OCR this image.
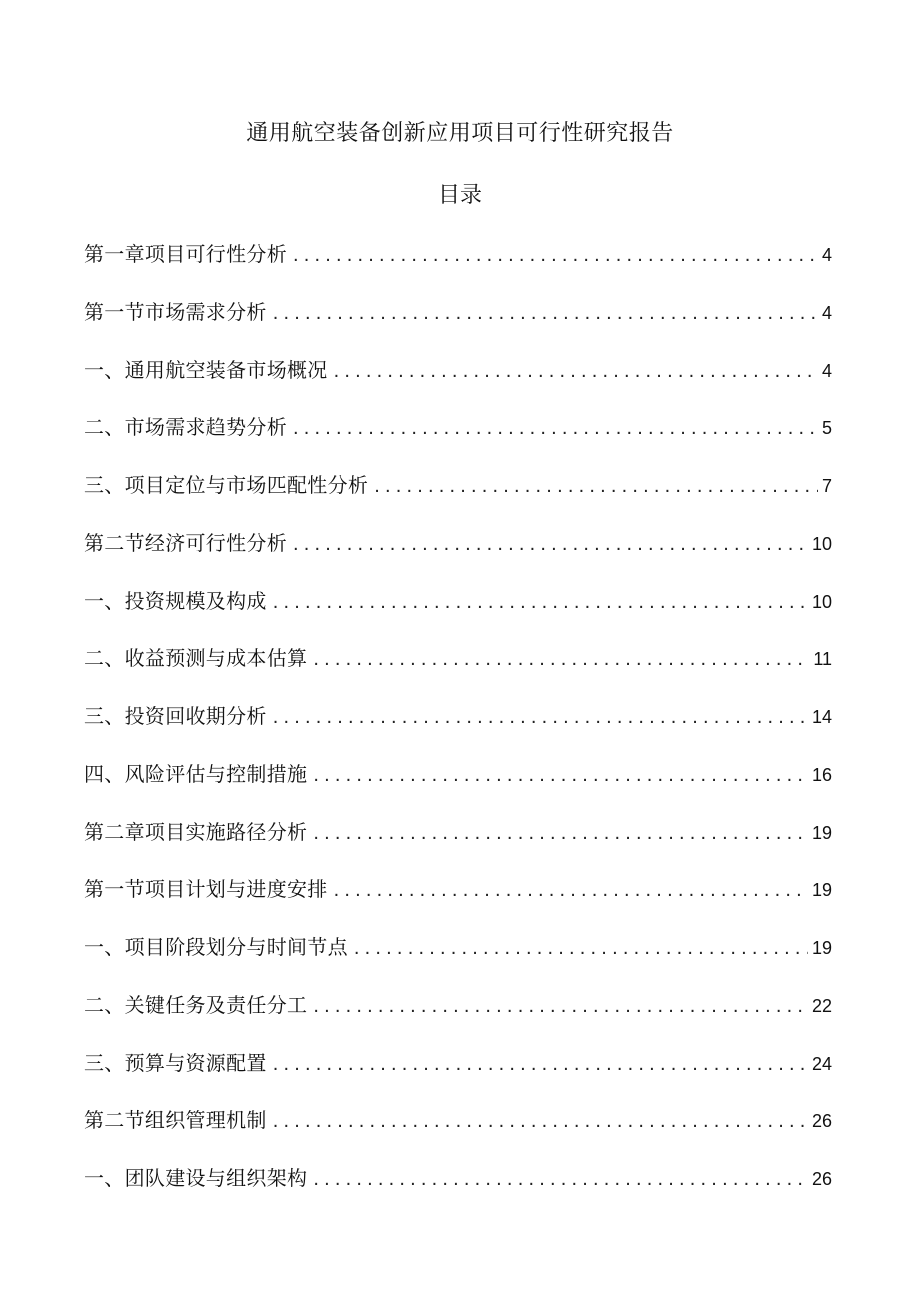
通用航空装备创新应用项目可行性研究报告
目录
第一章项目可行性分析 .....	4
第一节市场需求分析 .....	4
一、通用航空装备市场概况 .....	4
二、市场需求趋势分析 .....	5
三、项目定位与市场匹配性分析 .....	7
第二节经济可行性分析 .....	10
一、投资规模及构成 .....	10
二、收益预测与成本估算 .....	11
三、投资回收期分析 .....	14
四、风险评估与控制措施 .....	16
第二章项目实施路径分析 .....	19
第一节项目计划与进度安排 .....	19
一、项目阶段划分与时间节点 .....	19
二、关键任务及责任分工 .....	22
三、预算与资源配置 .....	24
第二节组织管理机制 .....	26
一、团队建设与组织架构 .....	26
